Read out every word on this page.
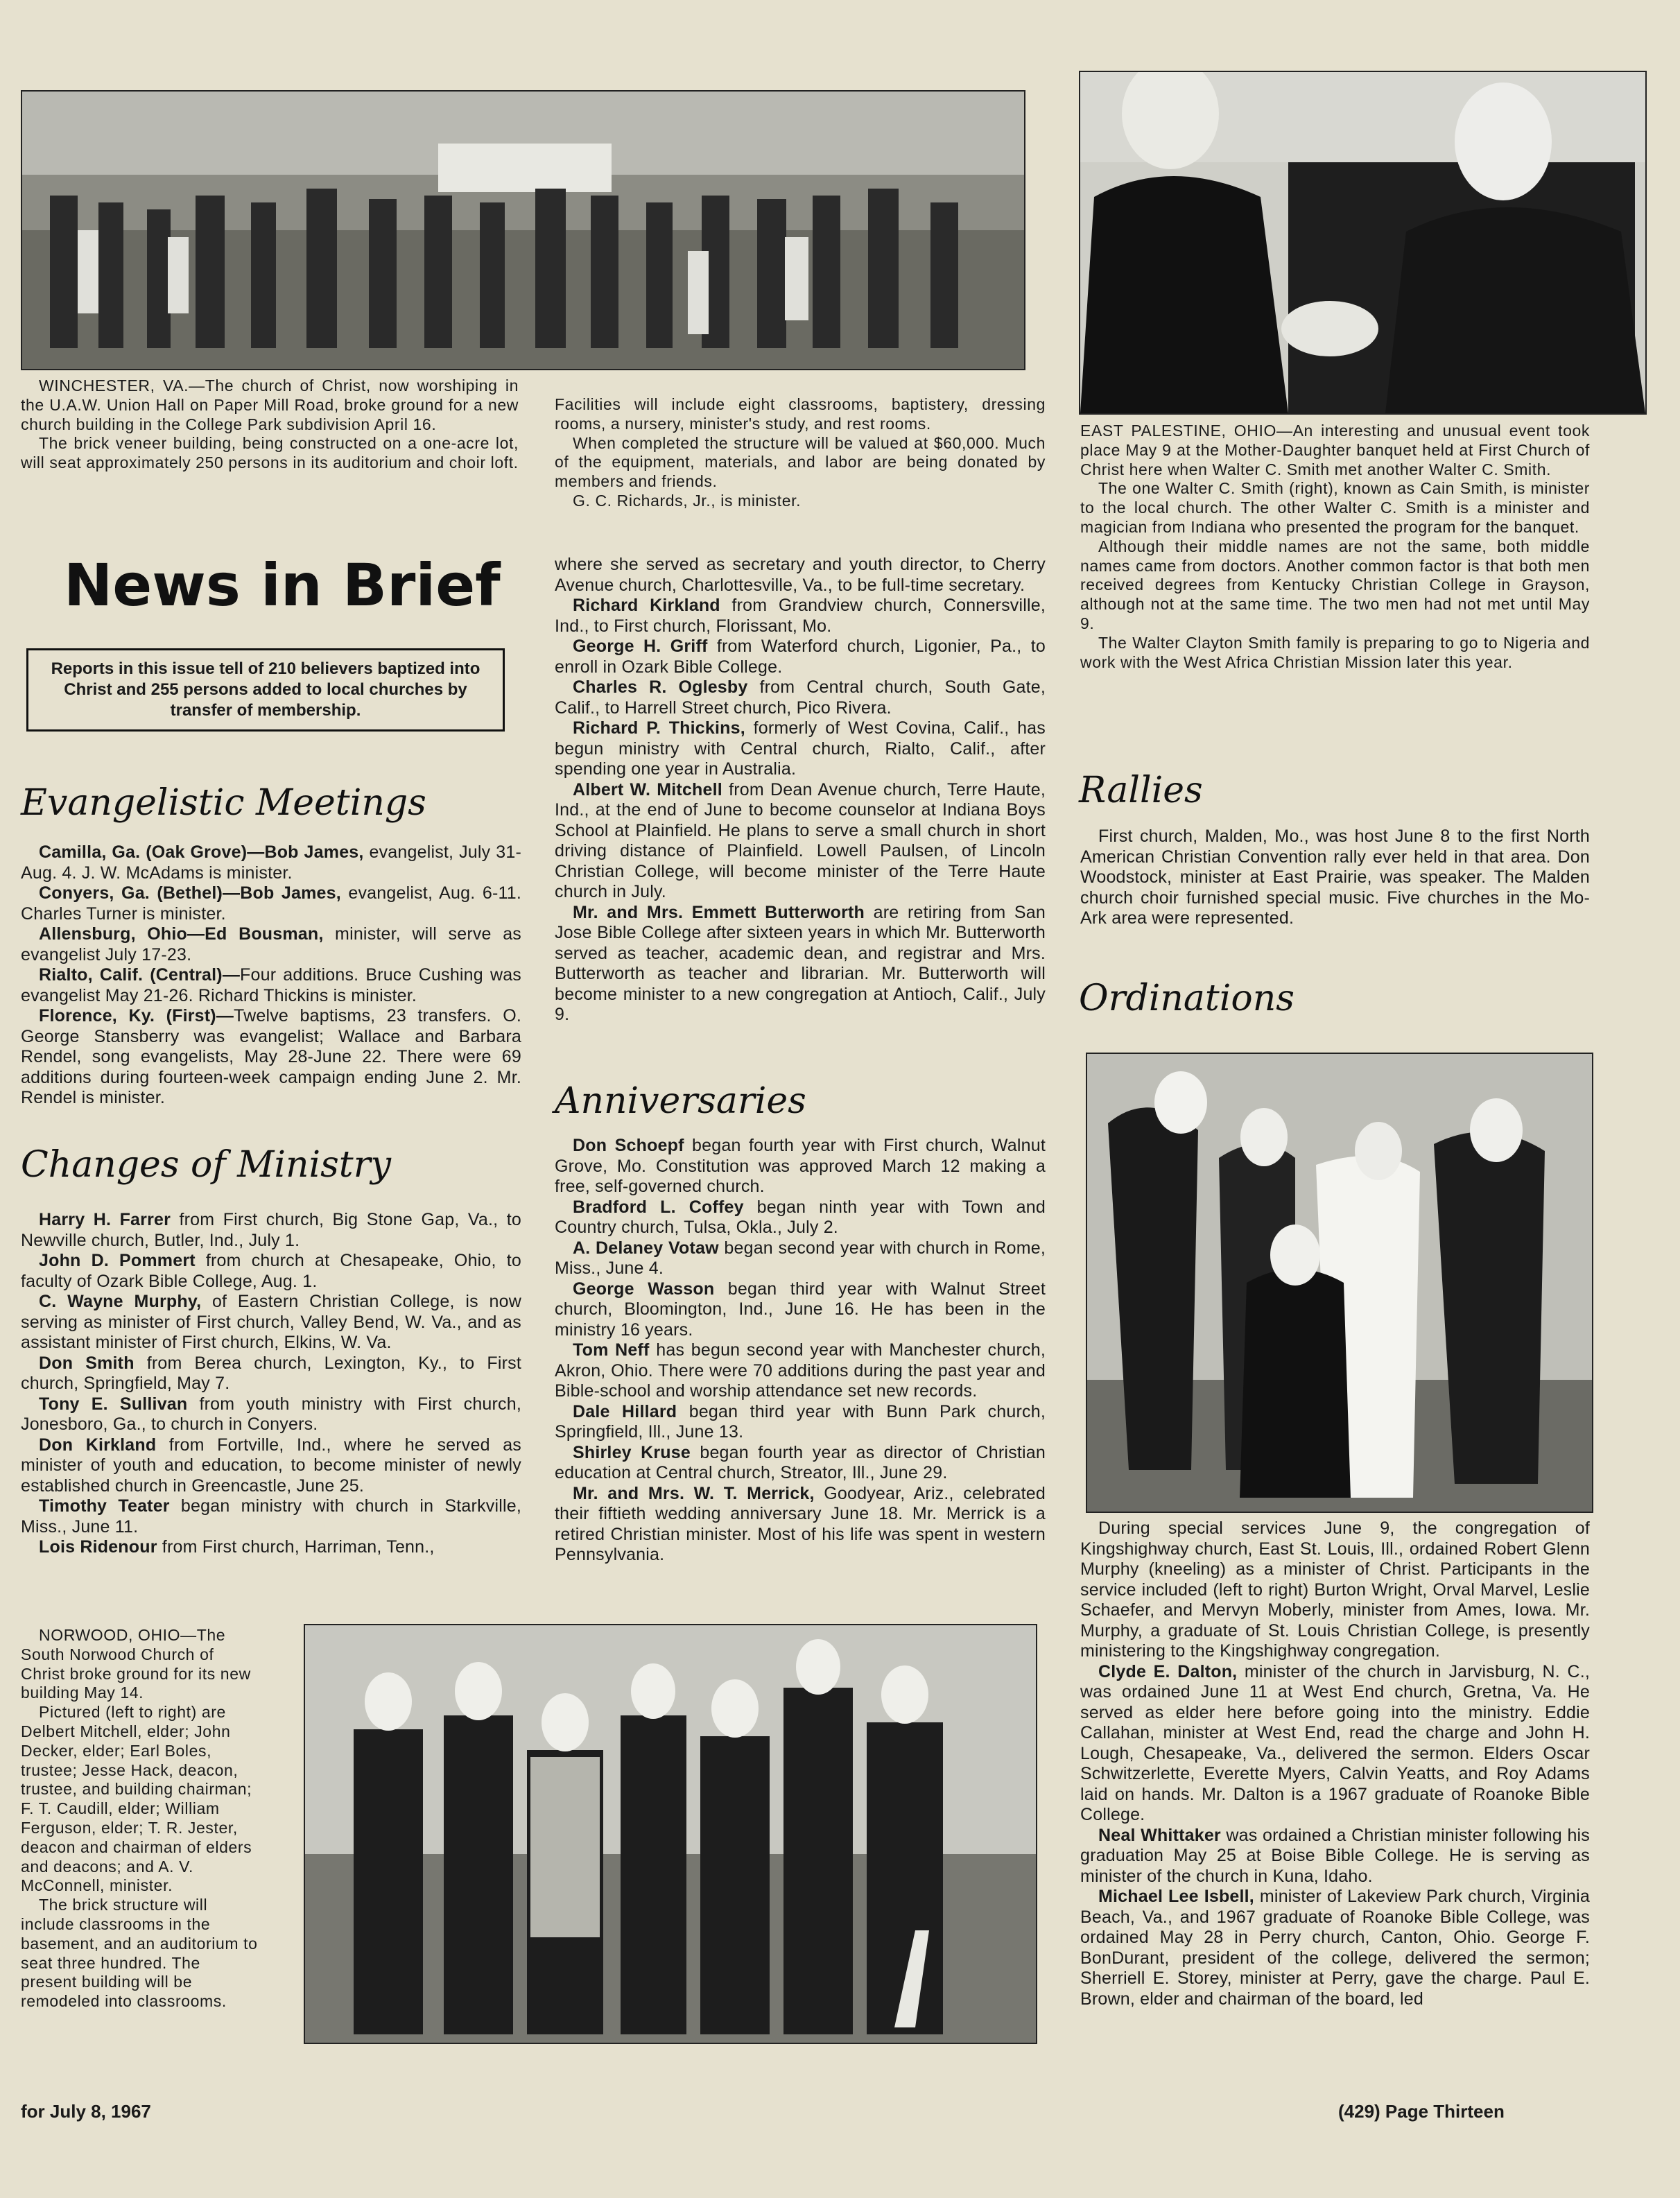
WINCHESTER, VA.—The church of Christ, now worshiping in the U.A.W. Union Hall on Paper Mill Road, broke ground for a new church building in the College Park subdivision April 16.

The brick veneer building, being constructed on a one-acre lot, will seat approximately 250 persons in its auditorium and choir loft.

Facilities will include eight classrooms, baptistery, dressing rooms, a nursery, minister's study, and rest rooms.

When completed the structure will be valued at $60,000. Much of the equipment, materials, and labor are being donated by members and friends.

G. C. Richards, Jr., is minister.

EAST PALESTINE, OHIO—An interesting and unusual event took place May 9 at the Mother-Daughter banquet held at First Church of Christ here when Walter C. Smith met another Walter C. Smith.

The one Walter C. Smith (right), known as Cain Smith, is minister to the local church. The other Walter C. Smith is a minister and magician from Indiana who presented the program for the banquet.

Although their middle names are not the same, both middle names came from doctors. Another common factor is that both men received degrees from Kentucky Christian College in Grayson, although not at the same time. The two men had not met until May 9.

The Walter Clayton Smith family is preparing to go to Nigeria and work with the West Africa Christian Mission later this year.

News in Brief
Reports in this issue tell of 210 believers baptized into Christ and 255 persons added to local churches by transfer of membership.
Evangelistic Meetings

Camilla, Ga. (Oak Grove)—Bob James, evangelist, July 31-Aug. 4. J. W. McAdams is minister.

Conyers, Ga. (Bethel)—Bob James, evangelist, Aug. 6-11. Charles Turner is minister.

Allensburg, Ohio—Ed Bousman, minister, will serve as evangelist July 17-23.

Rialto, Calif. (Central)—Four additions. Bruce Cushing was evangelist May 21-26. Richard Thickins is minister.

Florence, Ky. (First)—Twelve baptisms, 23 transfers. O. George Stansberry was evangelist; Wallace and Barbara Rendel, song evangelists, May 28-June 22. There were 69 additions during fourteen-week campaign ending June 2. Mr. Rendel is minister.

Changes of Ministry

Harry H. Farrer from First church, Big Stone Gap, Va., to Newville church, Butler, Ind., July 1.

John D. Pommert from church at Chesapeake, Ohio, to faculty of Ozark Bible College, Aug. 1.

C. Wayne Murphy, of Eastern Christian College, is now serving as minister of First church, Valley Bend, W. Va., and as assistant minister of First church, Elkins, W. Va.

Don Smith from Berea church, Lexington, Ky., to First church, Springfield, May 7.

Tony E. Sullivan from youth ministry with First church, Jonesboro, Ga., to church in Conyers.

Don Kirkland from Fortville, Ind., where he served as minister of youth and education, to become minister of newly established church in Greencastle, June 25.

Timothy Teater began ministry with church in Starkville, Miss., June 11.

Lois Ridenour from First church, Harriman, Tenn.,

where she served as secretary and youth director, to Cherry Avenue church, Charlottesville, Va., to be full-time secretary.

Richard Kirkland from Grandview church, Connersville, Ind., to First church, Florissant, Mo.

George H. Griff from Waterford church, Ligonier, Pa., to enroll in Ozark Bible College.

Charles R. Oglesby from Central church, South Gate, Calif., to Harrell Street church, Pico Rivera.

Richard P. Thickins, formerly of West Covina, Calif., has begun ministry with Central church, Rialto, Calif., after spending one year in Australia.

Albert W. Mitchell from Dean Avenue church, Terre Haute, Ind., at the end of June to become counselor at Indiana Boys School at Plainfield. He plans to serve a small church in short driving distance of Plainfield. Lowell Paulsen, of Lincoln Christian College, will become minister of the Terre Haute church in July.

Mr. and Mrs. Emmett Butterworth are retiring from San Jose Bible College after sixteen years in which Mr. Butterworth served as teacher, academic dean, and registrar and Mrs. Butterworth as teacher and librarian. Mr. Butterworth will become minister to a new congregation at Antioch, Calif., July 9.

Anniversaries

Don Schoepf began fourth year with First church, Walnut Grove, Mo. Constitution was approved March 12 making a free, self-governed church.

Bradford L. Coffey began ninth year with Town and Country church, Tulsa, Okla., July 2.

A. Delaney Votaw began second year with church in Rome, Miss., June 4.

George Wasson began third year with Walnut Street church, Bloomington, Ind., June 16. He has been in the ministry 16 years.

Tom Neff has begun second year with Manchester church, Akron, Ohio. There were 70 additions during the past year and Bible-school and worship attendance set new records.

Dale Hillard began third year with Bunn Park church, Springfield, Ill., June 13.

Shirley Kruse began fourth year as director of Christian education at Central church, Streator, Ill., June 29.

Mr. and Mrs. W. T. Merrick, Goodyear, Ariz., celebrated their fiftieth wedding anniversary June 18. Mr. Merrick is a retired Christian minister. Most of his life was spent in western Pennsylvania.

Rallies

First church, Malden, Mo., was host June 8 to the first North American Christian Convention rally ever held in that area. Don Woodstock, minister at East Prairie, was speaker. The Malden church choir furnished special music. Five churches in the Mo-Ark area were represented.

Ordinations

During special services June 9, the congregation of Kingshighway church, East St. Louis, Ill., ordained Robert Glenn Murphy (kneeling) as a minister of Christ. Participants in the service included (left to right) Burton Wright, Orval Marvel, Leslie Schaefer, and Mervyn Moberly, minister from Ames, Iowa. Mr. Murphy, a graduate of St. Louis Christian College, is presently ministering to the Kingshighway congregation.

Clyde E. Dalton, minister of the church in Jarvisburg, N. C., was ordained June 11 at West End church, Gretna, Va. He served as elder here before going into the ministry. Eddie Callahan, minister at West End, read the charge and John H. Lough, Chesapeake, Va., delivered the sermon. Elders Oscar Schwitzerlette, Everette Myers, Calvin Yeatts, and Roy Adams laid on hands. Mr. Dalton is a 1967 graduate of Roanoke Bible College.

Neal Whittaker was ordained a Christian minister following his graduation May 25 at Boise Bible College. He is serving as minister of the church in Kuna, Idaho.

Michael Lee Isbell, minister of Lakeview Park church, Virginia Beach, Va., and 1967 graduate of Roanoke Bible College, was ordained May 28 in Perry church, Canton, Ohio. George F. BonDurant, president of the college, delivered the sermon; Sherriell E. Storey, minister at Perry, gave the charge. Paul E. Brown, elder and chairman of the board, led

NORWOOD, OHIO—The South Norwood Church of Christ broke ground for its new building May 14.

Pictured (left to right) are Delbert Mitchell, elder; John Decker, elder; Earl Boles, trustee; Jesse Hack, deacon, trustee, and building chairman; F. T. Caudill, elder; William Ferguson, elder; T. R. Jester, deacon and chairman of elders and deacons; and A. V. McConnell, minister.

The brick structure will include classrooms in the basement, and an auditorium to seat three hundred. The present building will be remodeled into classrooms.

for July 8, 1967	(429) Page Thirteen
